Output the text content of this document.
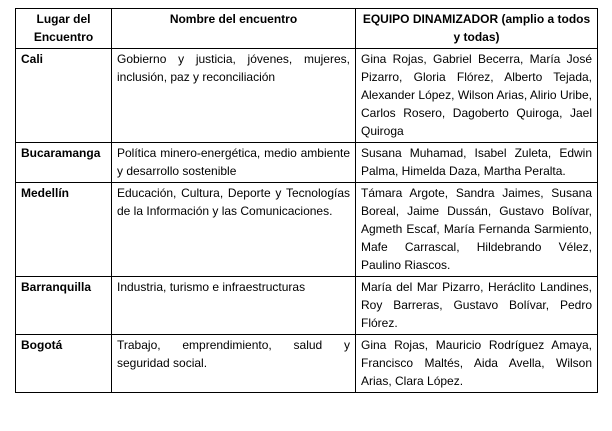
Lugar del Encuentro	Nombre del encuentro	EQUIPO DINAMIZADOR (amplio a todos y todas)
Cali	Gobierno y justicia, jóvenes, mujeres, inclusión, paz y reconciliación	Gina Rojas, Gabriel Becerra, María José Pizarro, Gloria Flórez, Alberto Tejada, Alexander López, Wilson Arias, Alirio Uribe, Carlos Rosero, Dagoberto Quiroga, Jael Quiroga
Bucaramanga	Política minero-energética, medio ambiente y desarrollo sostenible	Susana Muhamad, Isabel Zuleta, Edwin Palma, Himelda Daza, Martha Peralta.
Medellín	Educación, Cultura, Deporte y Tecnologías de la Información y las Comunicaciones.	Támara Argote, Sandra Jaimes, Susana Boreal, Jaime Dussán, Gustavo Bolívar, Agmeth Escaf, María Fernanda Sarmiento, Mafe Carrascal, Hildebrando Vélez, Paulino Riascos.
Barranquilla	Industria, turismo e infraestructuras	María del Mar Pizarro, Heráclito Landines, Roy Barreras, Gustavo Bolívar, Pedro Flórez.
Bogotá	Trabajo, emprendimiento, salud y seguridad social.	Gina Rojas, Mauricio Rodríguez Amaya, Francisco Maltés, Aida Avella, Wilson Arias, Clara López.
